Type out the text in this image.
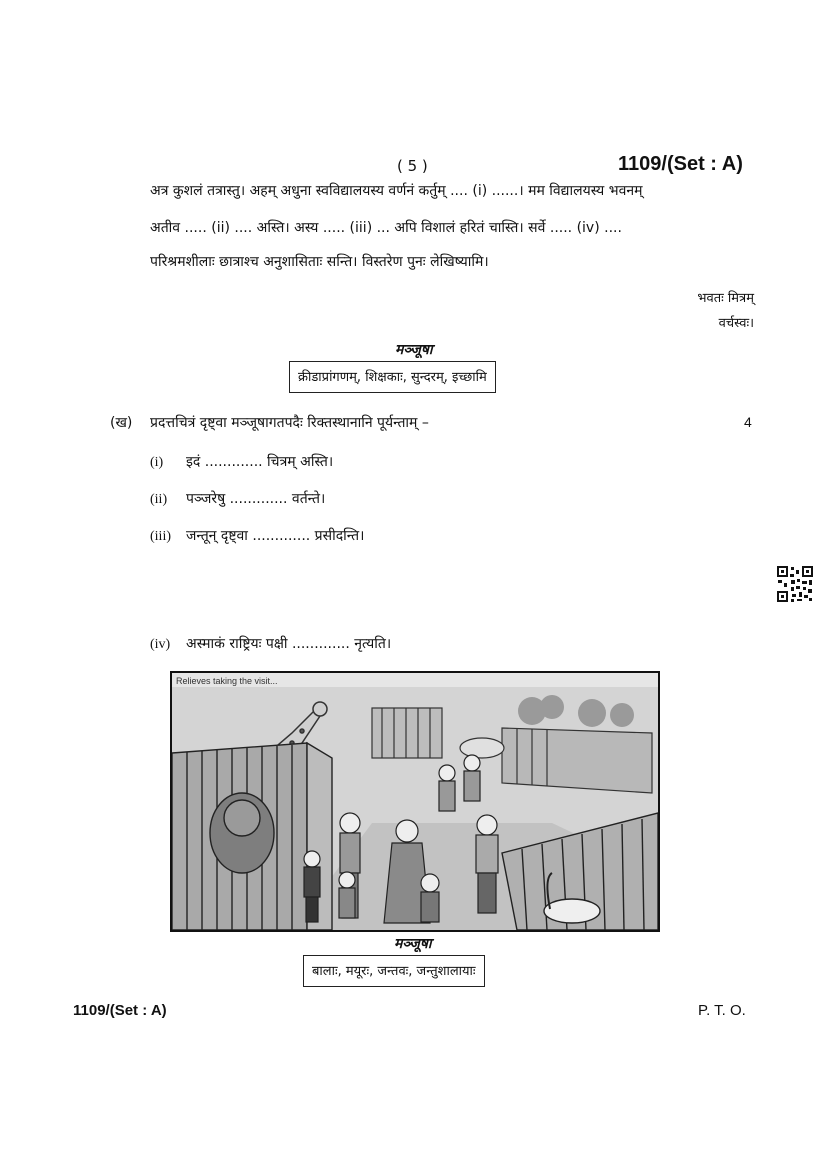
( 5 )	1109/(Set : A)
अत्र कुशलं तत्रास्तु। अहम् अधुना स्वविद्यालयस्य वर्णनं कर्तुम् .... (i) ......। मम विद्यालयस्य भवनम्
अतीव ..... (ii) .... अस्ति। अस्य ..... (iii) ... अपि विशालं हरितं चास्ति। सर्वे ..... (iv) ....
परिश्रमशीलाः छात्राश्च अनुशासिताः सन्ति। विस्तरेण पुनः लेखिष्यामि।
भवतः मित्रम्
वर्चस्वः।
मञ्जूषा
क्रीडाप्रांगणम्, शिक्षकाः, सुन्दरम्, इच्छामि
(ख) प्रदत्तचित्रं दृष्ट्वा मञ्जूषागतपदैः रिक्तस्थानानि पूर्यन्ताम् –	4
(i) इदं ............. चित्रम् अस्ति।
(ii) पञ्जरेषु ............. वर्तन्ते।
(iii) जन्तून् दृष्ट्वा ............. प्रसीदन्ति।
(iv) अस्माकं राष्ट्रियः पक्षी ............. नृत्यति।
Relieves taking the visit...
मञ्जूषा
बालाः, मयूरः, जन्तवः, जन्तुशालायाः
1109/(Set : A)	P. T. O.
